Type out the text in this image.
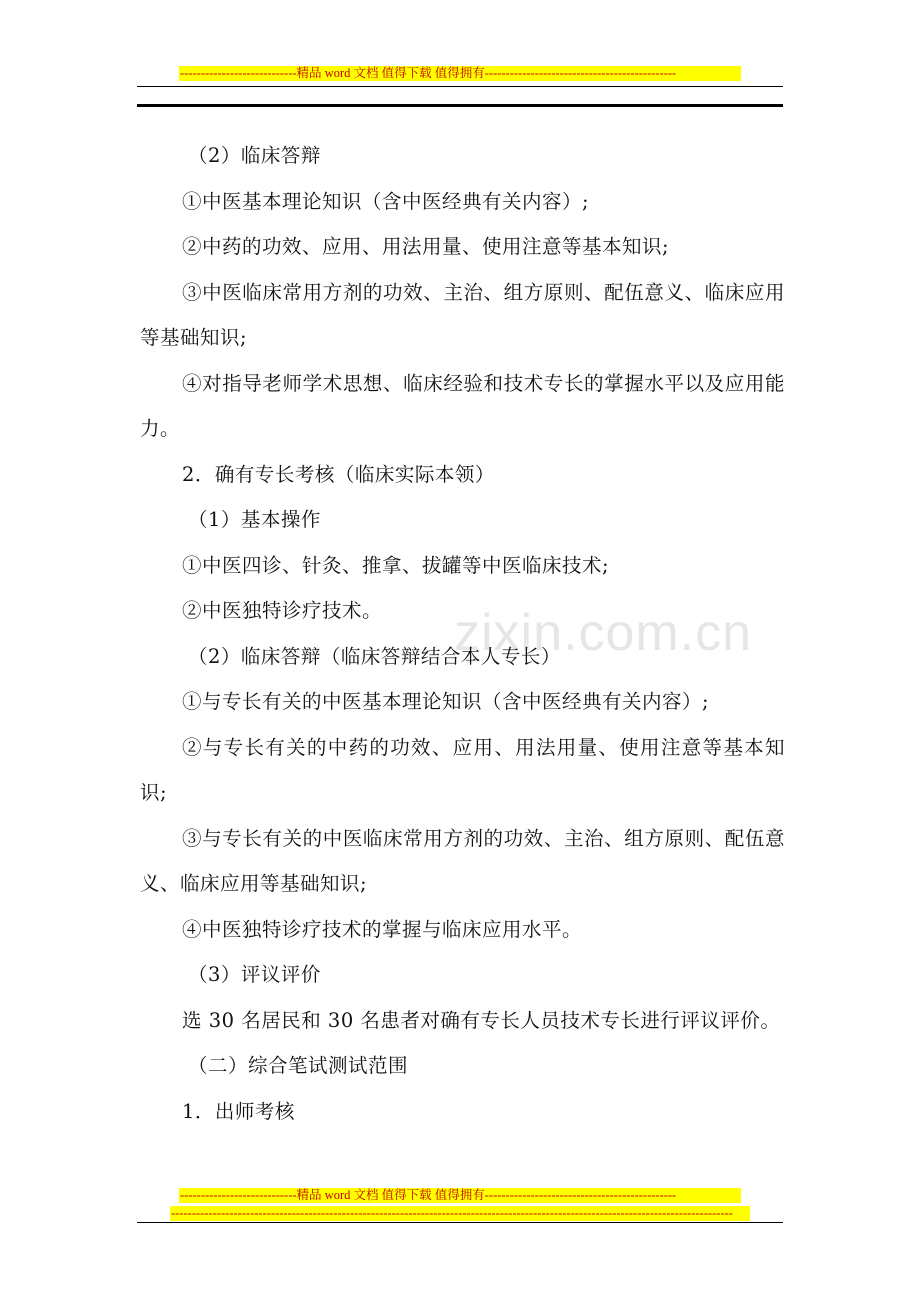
----------------------------精品 word 文档 值得下载 值得拥有----------------------------------------------
zixin.com.cn

（2）临床答辩

①中医基本理论知识（含中医经典有关内容）;

②中药的功效、应用、用法用量、使用注意等基本知识;

③中医临床常用方剂的功效、主治、组方原则、配伍意义、临床应用等基础知识;

④对指导老师学术思想、临床经验和技术专长的掌握水平以及应用能力。

2．确有专长考核（临床实际本领）

（1）基本操作

①中医四诊、针灸、推拿、拔罐等中医临床技术;

②中医独特诊疗技术。

（2）临床答辩（临床答辩结合本人专长）

①与专长有关的中医基本理论知识（含中医经典有关内容）;

②与专长有关的中药的功效、应用、用法用量、使用注意等基本知识;

③与专长有关的中医临床常用方剂的功效、主治、组方原则、配伍意义、临床应用等基础知识;

④中医独特诊疗技术的掌握与临床应用水平。

（3）评议评价

选 30 名居民和 30 名患者对确有专长人员技术专长进行评议评价。

（二）综合笔试测试范围

1．出师考核

----------------------------精品 word 文档 值得下载 值得拥有----------------------------------------------
---------------------------------------------------------------------------------------------------------------------------------------
